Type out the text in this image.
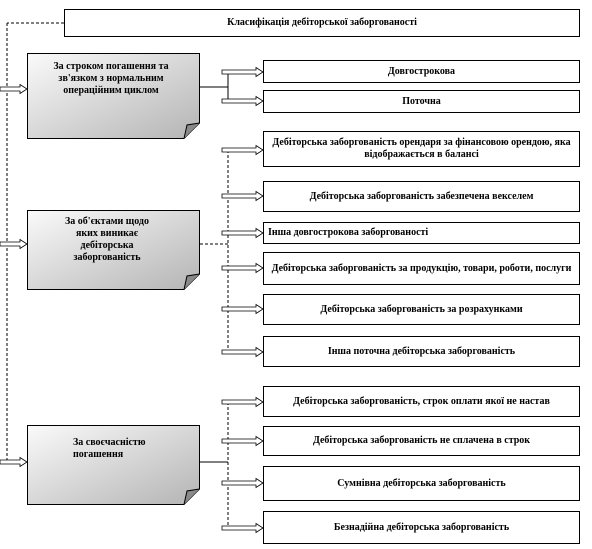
Класифікація дебіторської заборгованості
За строком погашення та зв'язком з нормальним операційним циклом
Довгострокова
Поточна
За об'єктами щодо яких виникає дебіторська заборгованість
Дебіторська заборгованість орендаря за фінансовою орендою, яка відображається в балансі
Дебіторська заборгованість забезпечена векселем
Інша довгострокова заборгованості
Дебіторська заборгованість за продукцію, товари, роботи, послуги
Дебіторська заборгованість за розрахунками
Інша поточна дебіторська заборгованість
За своєчасністю погашення
Дебіторська заборгованість, строк оплати якої не настав
Дебіторська заборгованість не сплачена в строк
Сумнівна дебіторська заборгованість
Безнадійна дебіторська заборгованість
